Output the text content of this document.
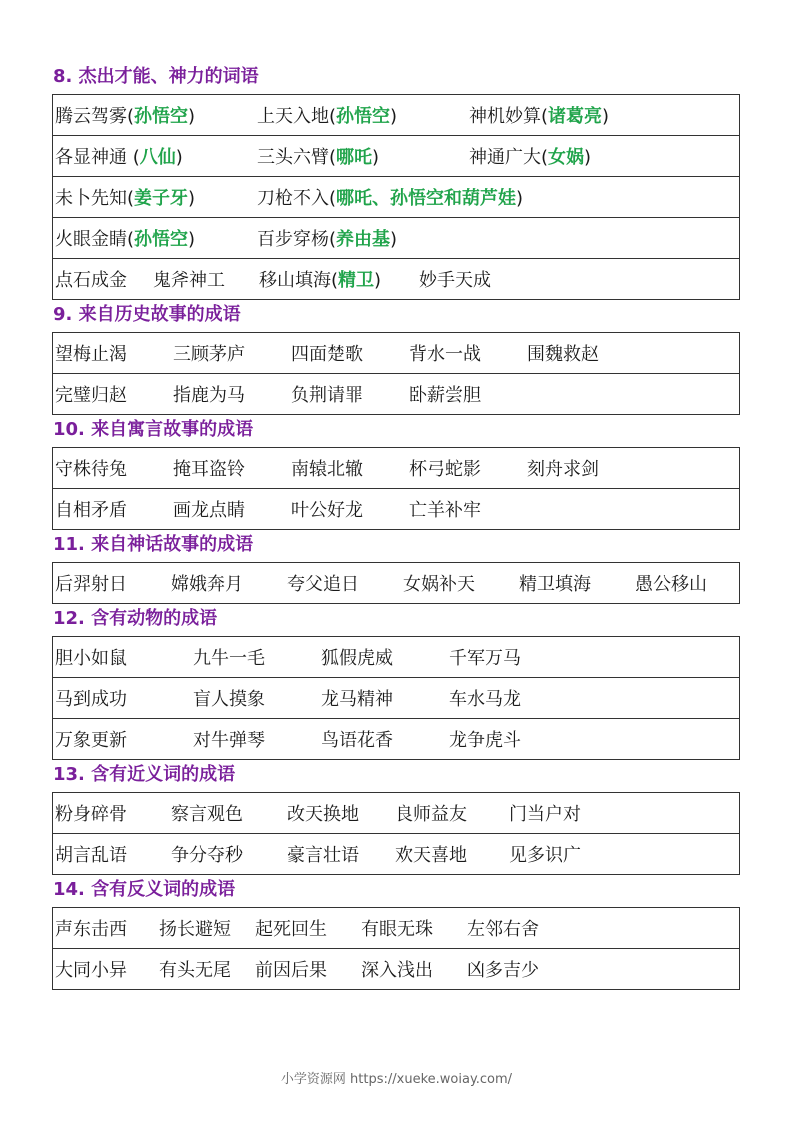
8. 杰出才能、神力的词语
腾云驾雾(孙悟空)	上天入地(孙悟空)	神机妙算(诸葛亮)
各显神通 (八仙)	三头六臂(哪吒)	神通广大(女娲)
未卜先知(姜子牙)	刀枪不入(哪吒、孙悟空和葫芦娃)
火眼金睛(孙悟空)	百步穿杨(养由基)
点石成金	鬼斧神工	移山填海(精卫)	妙手天成
9. 来自历史故事的成语
望梅止渴	三顾茅庐	四面楚歌	背水一战	围魏救赵
完璧归赵	指鹿为马	负荆请罪	卧薪尝胆
10. 来自寓言故事的成语
守株待兔	掩耳盗铃	南辕北辙	杯弓蛇影	刻舟求剑
自相矛盾	画龙点睛	叶公好龙	亡羊补牢
11. 来自神话故事的成语
后羿射日	嫦娥奔月	夸父追日	女娲补天	精卫填海	愚公移山
12. 含有动物的成语
胆小如鼠	九牛一毛	狐假虎威	千军万马
马到成功	盲人摸象	龙马精神	车水马龙
万象更新	对牛弹琴	鸟语花香	龙争虎斗
13. 含有近义词的成语
粉身碎骨	察言观色	改天换地	良师益友	门当户对
胡言乱语	争分夺秒	豪言壮语	欢天喜地	见多识广
14. 含有反义词的成语
声东击西	扬长避短	起死回生	有眼无珠	左邻右舍
大同小异	有头无尾	前因后果	深入浅出	凶多吉少
小学资源网 https://xueke.woiay.com/
